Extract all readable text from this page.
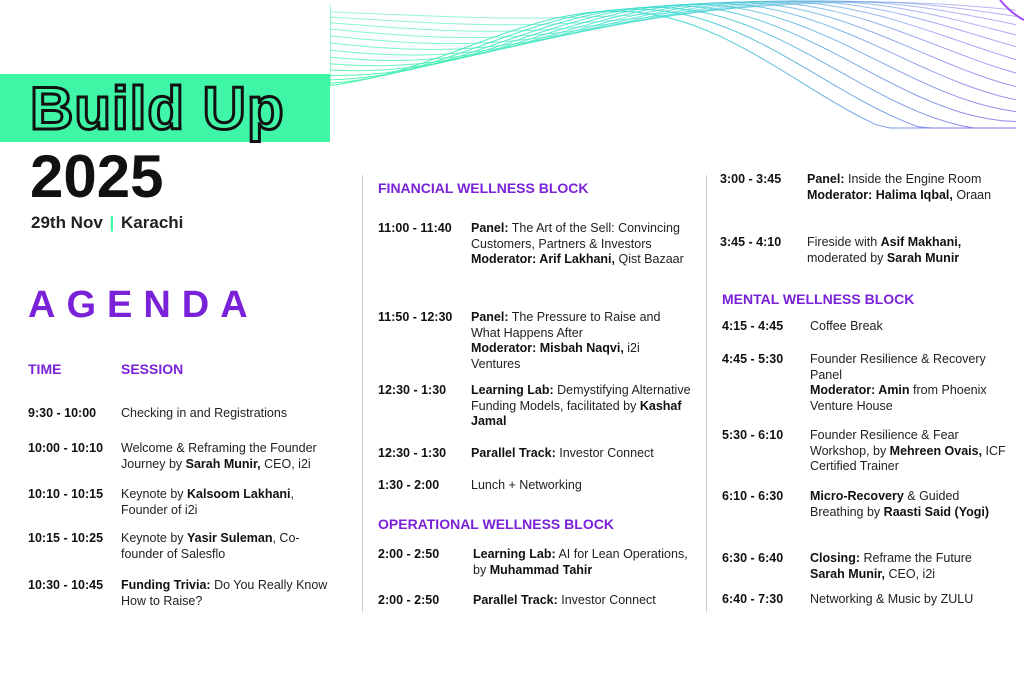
Build Up
2025
29th Nov | Karachi
AGENDA
TIME	SESSION
FINANCIAL WELLNESS BLOCK
OPERATIONAL WELLNESS BLOCK
MENTAL WELLNESS BLOCK
9:30 - 10:00 Checking in and Registrations
10:00 - 10:10 Welcome & Reframing the Founder Journey by Sarah Munir, CEO, i2i
10:10 - 10:15 Keynote by Kalsoom Lakhani, Founder of i2i
10:15 - 10:25 Keynote by Yasir Suleman, Co-founder of Salesflo
10:30 - 10:45 Funding Trivia: Do You Really Know How to Raise?
11:00 - 11:40 Panel: The Art of the Sell: Convincing Customers, Partners & Investors
Moderator: Arif Lakhani, Qist Bazaar
11:50 - 12:30 Panel: The Pressure to Raise and What Happens After
Moderator: Misbah Naqvi, i2i Ventures
12:30 - 1:30 Learning Lab: Demystifying Alternative Funding Models, facilitated by Kashaf Jamal
12:30 - 1:30 Parallel Track: Investor Connect
1:30 - 2:00	Lunch + Networking
2:00 - 2:50	Learning Lab: AI for Lean Operations, by Muhammad Tahir
2:00 - 2:50	Parallel Track: Investor Connect
3:00 - 3:45 Panel: Inside the Engine Room
Moderator: Halima Iqbal, Oraan
3:45 - 4:10 Fireside with Asif Makhani, moderated by Sarah Munir
4:15 - 4:45 Coffee Break
4:45 - 5:30 Founder Resilience & Recovery Panel
Moderator: Amin from Phoenix Venture House
5:30 - 6:10 Founder Resilience & Fear Workshop, by Mehreen Ovais, ICF Certified Trainer
6:10 - 6:30 Micro-Recovery & Guided Breathing by Raasti Said (Yogi)
6:30 - 6:40 Closing: Reframe the Future
Sarah Munir, CEO, i2i
6:40 - 7:30 Networking & Music by ZULU
